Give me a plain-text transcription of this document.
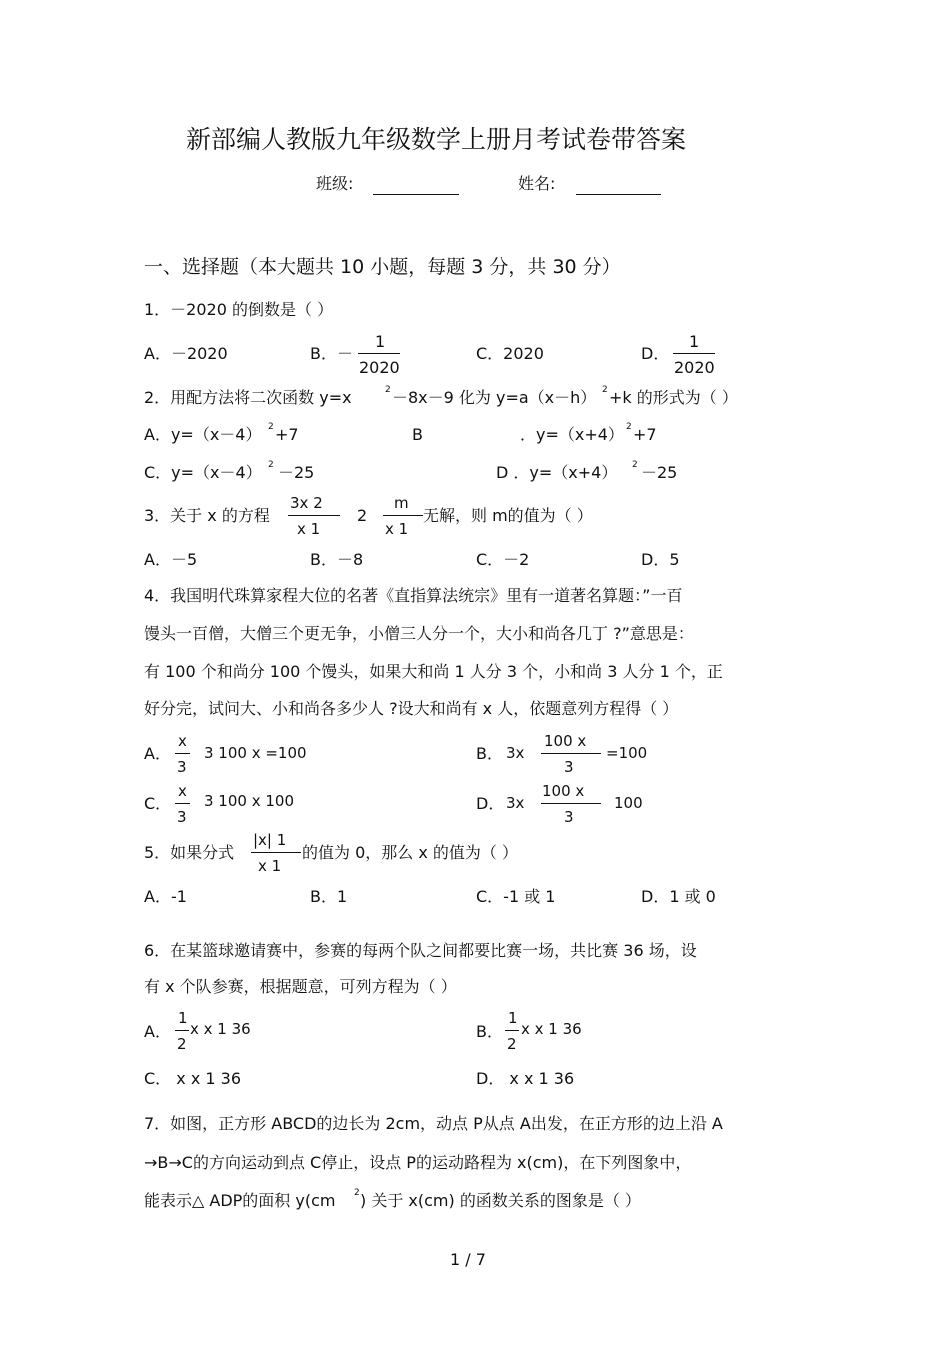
新部编人教版九年级数学上册月考试卷带答案
班级:	姓名:
一、选择题（本大题共 10 小题，每题 3 分，共 30 分）
1．－2020 的倒数是（ ）
A．－2020	B．－
1
2020
C．2020	D．
1
2020
2．用配方法将二次函数 y=x	2 －8x－9 化为 y=a（x－h） 2 +k 的形式为（ ）
A．y=（x－4） 2 +7	B	．y=（x+4） 2 +7
C．y=（x－4） 2 －25	D ．y=（x+4） 2 －25
3．关于 x 的方程
3x 2
x 1
2
m
x 1
无解，则 m的值为（ ）
A．－5	B．－8	C．－2	D．5
4．我国明代珠算家程大位的名著《直指算法统宗》里有一道著名算题：”一百
馒头一百僧，大僧三个更无争，小僧三人分一个，大小和尚各几丁 ?”意思是：
有 100 个和尚分 100 个馒头，如果大和尚 1 人分 3 个，小和尚 3 人分 1 个，正
好分完，试问大、小和尚各多少人 ?设大和尚有 x 人，依题意列方程得（ ）
A．
x
3
3 100 x =100	B． 3x
100 x
3
=100
C．
x
3
3 100 x 100	D． 3x
100 x
3
100
5．如果分式
|x| 1
x 1
的值为 0，那么 x 的值为（ ）
A．-1	B．1	C．-1 或 1	D．1 或 0
6．在某篮球邀请赛中，参赛的每两个队之间都要比赛一场，共比赛 36 场，设
有 x 个队参赛，根据题意，可列方程为（ ）
A．
1
2
x x 1 36	B．
1
2
x x 1 36
C． x x 1 36	D． x x 1 36
7．如图，正方形 ABCD的边长为 2cm，动点 P从点 A出发，在正方形的边上沿 A
→B→C的方向运动到点 C停止，设点 P的运动路程为 x(cm)，在下列图象中，
能表示△ ADP的面积 y(cm 2 ) 关于 x(cm) 的函数关系的图象是（ ）
1 / 7
